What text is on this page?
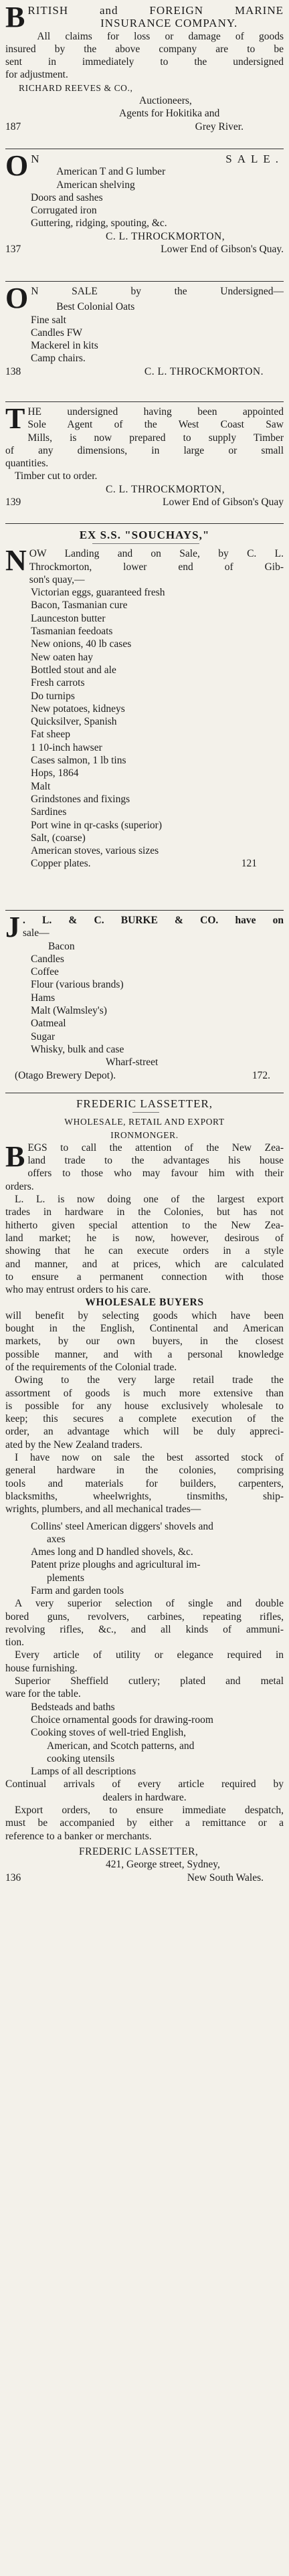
B RITISH and FOREIGN MARINE
INSURANCE COMPANY.
All claims for loss or damage of goods
insured by the above company are to be
sent in immediately to the undersigned
for adjustment.
RICHARD REEVES & CO.,
Auctioneers,
Agents for Hokitika and
187	Grey River.
O N SALE.
American T and G lumber
American shelving
Doors and sashes
Corrugated iron
Guttering, ridging, spouting, &c.
C. L. THROCKMORTON,
137	Lower End of Gibson's Quay.
O N SALE by the Undersigned—
Best Colonial Oats
Fine salt
Candles FW
Mackerel in kits
Camp chairs.
138	C. L. THROCKMORTON.
T HE undersigned having been appointed
Sole Agent of the West Coast Saw
Mills, is now prepared to supply Timber
of any dimensions, in large or small
quantities.
Timber cut to order.
C. L. THROCKMORTON,
139	Lower End of Gibson's Quay
EX S.S. "SOUCHAYS,"
N OW Landing and on Sale, by C. L.
Throckmorton, lower end of Gib-
son's quay,—
Victorian eggs, guaranteed fresh
Bacon, Tasmanian cure
Launceston butter
Tasmanian feedoats
New onions, 40 lb cases
New oaten hay
Bottled stout and ale
Fresh carrots
Do turnips
New potatoes, kidneys
Quicksilver, Spanish
Fat sheep
1 10-inch hawser
Cases salmon, 1 lb tins
Hops, 1864
Malt
Grindstones and fixings
Sardines
Port wine in qr-casks (superior)
Salt, (coarse)
American stoves, various sizes
Copper plates.	121
J . L. & C. BURKE & CO. have on
sale—
Bacon
Candles
Coffee
Flour (various brands)
Hams
Malt (Walmsley's)
Oatmeal
Sugar
Whisky, bulk and case
Wharf-street
(Otago Brewery Depot).	172.
FREDERIC LASSETTER,
WHOLESALE, RETAIL AND EXPORT
IRONMONGER.
B EGS to call the attention of the New Zea-
land trade to the advantages his house
offers to those who may favour him with their
orders.
L. L. is now doing one of the largest export
trades in hardware in the Colonies, but has not
hitherto given special attention to the New Zea-
land market; he is now, however, desirous of
showing that he can execute orders in a style
and manner, and at prices, which are calculated
to ensure a permanent connection with those
who may entrust orders to his care.
WHOLESALE BUYERS
will benefit by selecting goods which have been
bought in the English, Continental and American
markets, by our own buyers, in the closest
possible manner, and with a personal knowledge
of the requirements of the Colonial trade.
Owing to the very large retail trade the
assortment of goods is much more extensive than
is possible for any house exclusively wholesale to
keep; this secures a complete execution of the
order, an advantage which will be duly appreci-
ated by the New Zealand traders.
I have now on sale the best assorted stock of
general hardware in the colonies, comprising
tools and materials for builders, carpenters,
blacksmiths, wheelwrights, tinsmiths, ship-
wrights, plumbers, and all mechanical trades—
Collins' steel American diggers' shovels and
axes
Ames long and D handled shovels, &c.
Patent prize ploughs and agricultural im-
plements
Farm and garden tools
A very superior selection of single and double
bored guns, revolvers, carbines, repeating rifles,
revolving rifles, &c., and all kinds of ammuni-
tion.
Every article of utility or elegance required in
house furnishing.
Superior Sheffield cutlery; plated and metal
ware for the table.
Bedsteads and baths
Choice ornamental goods for drawing-room
Cooking stoves of well-tried English,
American, and Scotch patterns, and
cooking utensils
Lamps of all descriptions
Continual arrivals of every article required by
dealers in hardware.
Export orders, to ensure immediate despatch,
must be accompanied by either a remittance or a
reference to a banker or merchants.
FREDERIC LASSETTER,
421, George street, Sydney,
136	New South Wales.
